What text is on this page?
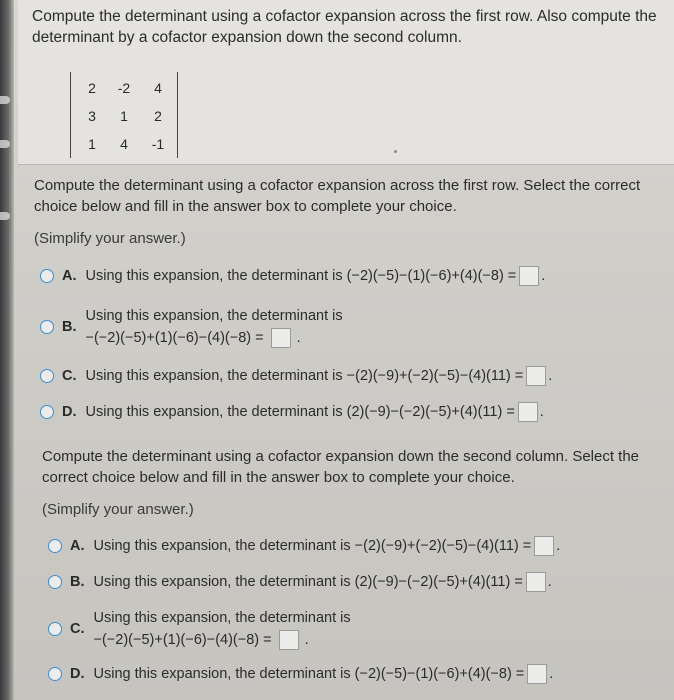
Compute the determinant using a cofactor expansion across the first row. Also compute the determinant by a cofactor expansion down the second column.
2	-2	4
3	1	2
1	4	-1
Compute the determinant using a cofactor expansion across the first row. Select the correct choice below and fill in the answer box to complete your choice.
(Simplify your answer.)
A. Using this expansion, the determinant is (−2)(−5)−(1)(−6)+(4)(−8) = .
B.
Using this expansion, the determinant is
−(−2)(−5)+(1)(−6)−(4)(−8) = .
C. Using this expansion, the determinant is −(2)(−9)+(−2)(−5)−(4)(11) = .
D. Using this expansion, the determinant is (2)(−9)−(−2)(−5)+(4)(11) = .
Compute the determinant using a cofactor expansion down the second column. Select the correct choice below and fill in the answer box to complete your choice.
(Simplify your answer.)
A. Using this expansion, the determinant is −(2)(−9)+(−2)(−5)−(4)(11) = .
B. Using this expansion, the determinant is (2)(−9)−(−2)(−5)+(4)(11) = .
C.
Using this expansion, the determinant is
−(−2)(−5)+(1)(−6)−(4)(−8) = .
D. Using this expansion, the determinant is (−2)(−5)−(1)(−6)+(4)(−8) = .
